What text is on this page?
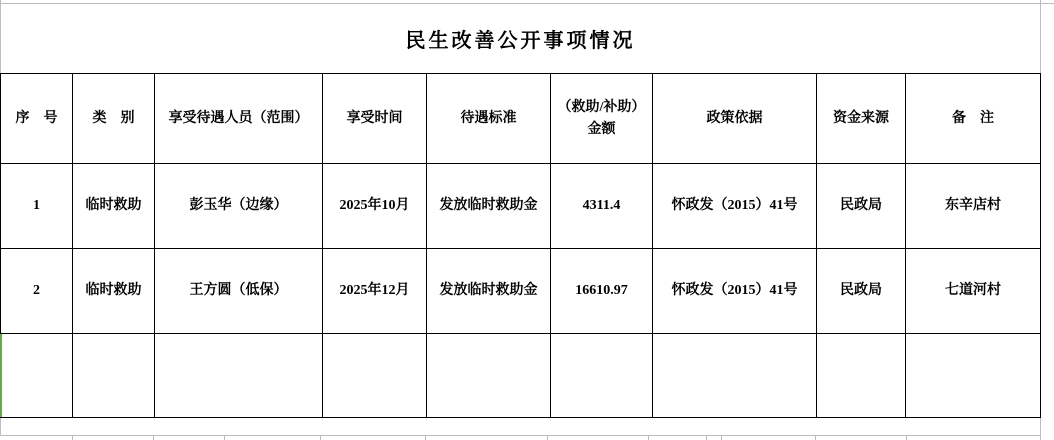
民生改善公开事项情况
序　号	类　别	享受待遇人员（范围）	享受时间	待遇标准	（救助/补助）金额	政策依据	资金来源	备　注
1	临时救助	彭玉华（边缘）	2025年10月	发放临时救助金	4311.4	怀政发（2015）41号	民政局	东辛店村
2	临时救助	王方圆（低保）	2025年12月	发放临时救助金	16610.97	怀政发（2015）41号	民政局	七道河村
